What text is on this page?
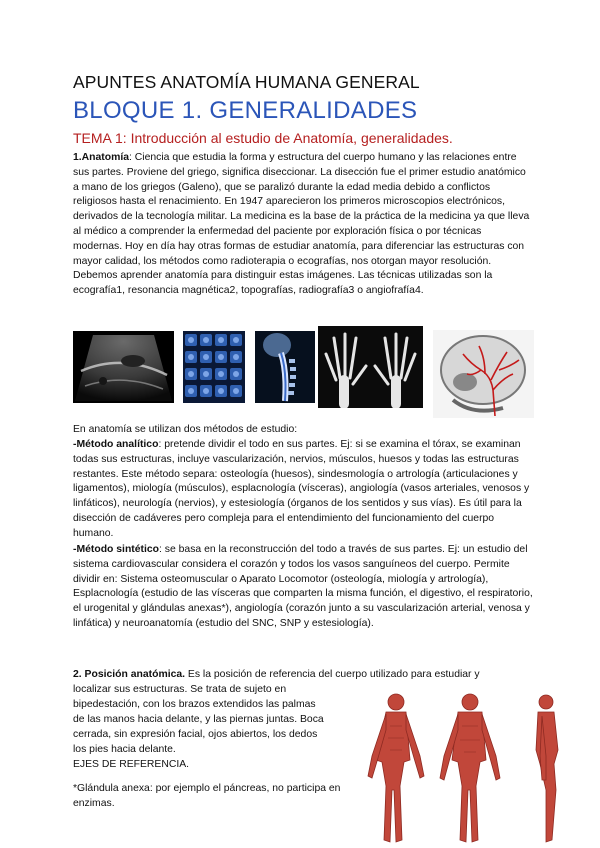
APUNTES ANATOMÍA HUMANA GENERAL
BLOQUE 1. GENERALIDADES
TEMA 1: Introducción al estudio de Anatomía, generalidades.
1.Anatomía: Ciencia que estudia la forma y estructura del cuerpo humano y las relaciones entre sus partes. Proviene del griego, significa diseccionar. La disección fue el primer estudio anatómico a mano de los griegos (Galeno), que se paralizó durante la edad media debido a conflictos religiosos hasta el renacimiento. En 1947 aparecieron los primeros microscopios electrónicos, derivados de la tecnología militar. La medicina es la base de la práctica de la medicina ya que lleva al médico a comprender la enfermedad del paciente por exploración física o por técnicas modernas. Hoy en día hay otras formas de estudiar anatomía, para diferenciar las estructuras con mayor calidad, los métodos como radioterapia o ecografías, nos otorgan mayor resolución. Debemos aprender anatomía para distinguir estas imágenes. Las técnicas utilizadas son la ecografía1, resonancia magnética2, topografías, radiografía3 o angiofrafía4.
En anatomía se utilizan dos métodos de estudio:
-Método analítico: pretende dividir el todo en sus partes. Ej: si se examina el tórax, se examinan todas sus estructuras, incluye vascularización, nervios, músculos, huesos y todas las estructuras restantes. Este método separa: osteología (huesos), sindesmología o artrología (articulaciones y ligamentos), miología (músculos), esplacnología (vísceras), angiología (vasos arteriales, venosos y linfáticos), neurología (nervios), y estesiología (órganos de los sentidos y sus vías). Es útil para la disección de cadáveres pero compleja para el entendimiento del funcionamiento del cuerpo humano.
-Método sintético: se basa en la reconstrucción del todo a través de sus partes. Ej: un estudio del sistema cardiovascular considera el corazón y todos los vasos sanguíneos del cuerpo. Permite dividir en: Sistema osteomuscular o Aparato Locomotor (osteología, miología y artrología), Esplacnología (estudio de las vísceras que comparten la misma función, el digestivo, el respiratorio, el urogenital y glándulas anexas*), angiología (corazón junto a su vascularización arterial, venosa y linfática) y neuroanatomía (estudio del SNC, SNP y estesiología).
2. Posición anatómica. Es la posición de referencia del cuerpo utilizado para estudiar y
localizar sus estructuras. Se trata de sujeto en
bipedestación, con los brazos extendidos las palmas
de las manos hacia delante, y las piernas juntas. Boca
cerrada, sin expresión facial, ojos abiertos, los dedos
los pies hacia delante.
EJES DE REFERENCIA.
*Glándula anexa: por ejemplo el páncreas, no participa en
enzimas.
